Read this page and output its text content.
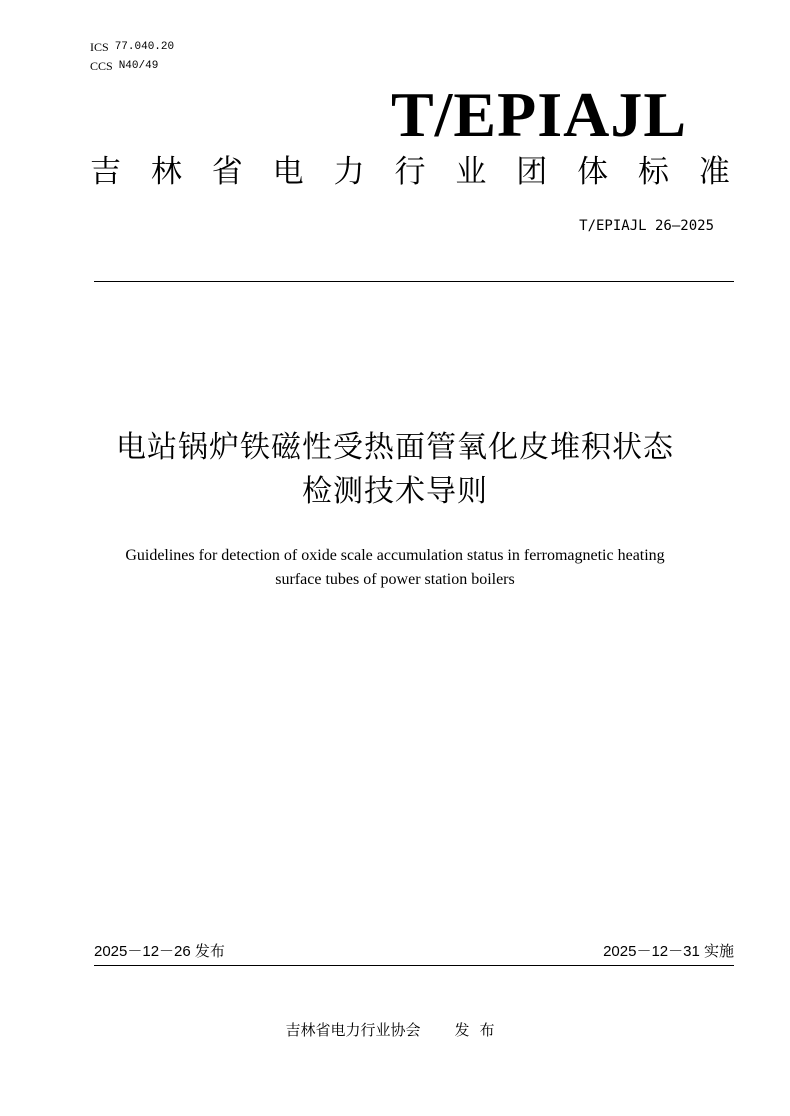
ICS 77.040.20
CCS N40/49
T/EPIAJL
吉 林 省 电 力 行 业 团 体 标 准
T/EPIAJL 26—2025
电站锅炉铁磁性受热面管氧化皮堆积状态
检测技术导则
Guidelines for detection of oxide scale accumulation status in ferromagnetic heating
surface tubes of power station boilers
2025－12－26 发布	2025－12－31 实施
吉林省电力行业协会 发布
